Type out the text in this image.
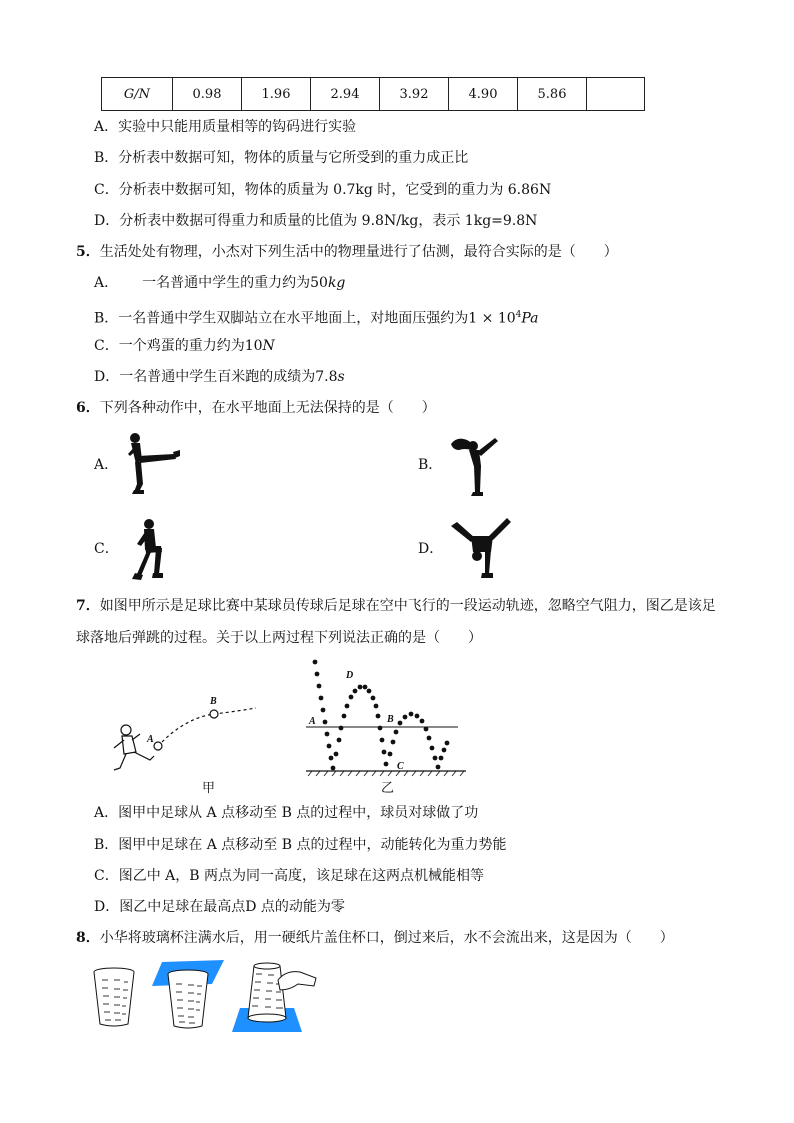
G/N	0.98	1.96	2.94	3.92	4.90	5.86	
A．实验中只能用质量相等的钩码进行实验
B．分析表中数据可知，物体的质量与它所受到的重力成正比
C．分析表中数据可知，物体的质量为 0.7kg 时，它受到的重力为 6.86N
D．分析表中数据可得重力和质量的比值为 9.8N/kg，表示 1kg=9.8N
5．生活处处有物理，小杰对下列生活中的物理量进行了估测，最符合实际的是（　　）
A． 一名普通中学生的重力约为50kg
B．一名普通中学生双脚站立在水平地面上，对地面压强约为$1 \times 10^4Pa$
C．一个鸡蛋的重力约为10N
D．一名普通中学生百米跑的成绩为7.8s
6．下列各种动作中，在水平地面上无法保持的是（　　）
A．	B．
C．	D．
7．如图甲所示是足球比赛中某球员传球后足球在空中飞行的一段运动轨迹，忽略空气阻力，图乙是该足
球落地后弹跳的过程。关于以上两过程下列说法正确的是（　　）
A
B
甲
A	B
C
D
乙
A．图甲中足球从 A 点移动至 B 点的过程中，球员对球做了功
B．图甲中足球在 A 点移动至 B 点的过程中，动能转化为重力势能
C．图乙中 A，B 两点为同一高度，该足球在这两点机械能相等
D．图乙中足球在最高点D 点的动能为零
8．小华将玻璃杯注满水后，用一硬纸片盖住杯口，倒过来后，水不会流出来，这是因为（　　）
